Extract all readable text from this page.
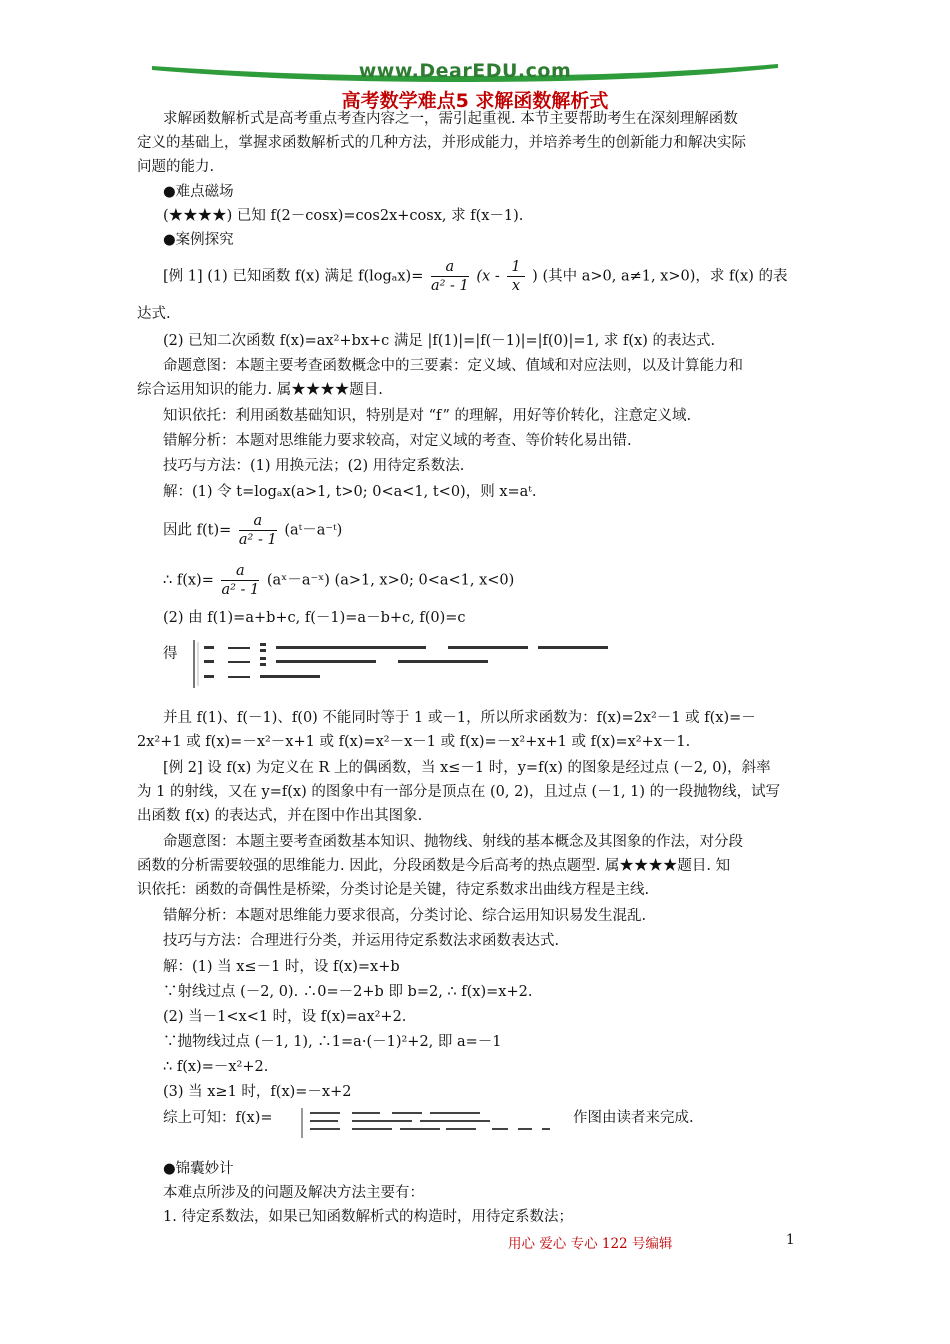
www.DearEDU.com
高考数学难点5 求解函数解析式
求解函数解析式是高考重点考查内容之一，需引起重视. 本节主要帮助考生在深刻理解函数
定义的基础上，掌握求函数解析式的几种方法，并形成能力，并培养考生的创新能力和解决实际
问题的能力.
●难点磁场
(★★★★) 已知 f(2－cosx)=cos2x+cosx, 求 f(x－1).
●案例探究
[例 1] (1) 已知函数 f(x) 满足 $f(\log_ax)= \frac{a}{\text{a² - 1}} (x - \frac{1}{x}$ ) (其中 a>0, a≠1, x>0)，求 f(x) 的表
达式.
(2) 已知二次函数 f(x)=ax²+bx+c 满足 |f(1)|=|f(－1)|=|f(0)|=1, 求 f(x) 的表达式.
命题意图：本题主要考查函数概念中的三要素：定义域、值域和对应法则，以及计算能力和
综合运用知识的能力. 属★★★★题目.
知识依托：利用函数基础知识，特别是对 “f” 的理解，用好等价转化，注意定义域.
错解分析：本题对思维能力要求较高，对定义域的考查、等价转化易出错.
技巧与方法：(1) 用换元法；(2) 用待定系数法.
解：(1) 令 t=logₐx(a>1, t>0; 0<a<1, t<0)，则 x=aᵗ.
因此 $f(t)= \frac{a}{\text{a² - 1}}$ (aᵗ－a⁻ᵗ)
∴ $f(x)= \frac{a}{\text{a² - 1}}$ (aˣ－a⁻ˣ) (a>1, x>0; 0<a<1, x<0)
(2) 由 f(1)=a+b+c, f(－1)=a－b+c, f(0)=c
得
并且 f(1)、f(－1)、f(0) 不能同时等于 1 或－1，所以所求函数为：f(x)=2x²－1 或 f(x)=－
2x²+1 或 f(x)=－x²－x+1 或 f(x)=x²－x－1 或 f(x)=－x²+x+1 或 f(x)=x²+x－1.
[例 2] 设 f(x) 为定义在 R 上的偶函数，当 x≤－1 时，y=f(x) 的图象是经过点 (－2, 0)，斜率
为 1 的射线，又在 y=f(x) 的图象中有一部分是顶点在 (0, 2)，且过点 (－1, 1) 的一段抛物线，试写
出函数 f(x) 的表达式，并在图中作出其图象.
命题意图：本题主要考查函数基本知识、抛物线、射线的基本概念及其图象的作法，对分段
函数的分析需要较强的思维能力. 因此，分段函数是今后高考的热点题型. 属★★★★题目. 知
识依托：函数的奇偶性是桥梁，分类讨论是关键，待定系数求出曲线方程是主线.
错解分析：本题对思维能力要求很高，分类讨论、综合运用知识易发生混乱.
技巧与方法：合理进行分类，并运用待定系数法求函数表达式.
解：(1) 当 x≤－1 时，设 f(x)=x+b
∵射线过点 (－2, 0). ∴0=－2+b 即 b=2, ∴ f(x)=x+2.
(2) 当－1<x<1 时，设 f(x)=ax²+2.
∵抛物线过点 (－1, 1), ∴1=a·(－1)²+2, 即 a=－1
∴ f(x)=－x²+2.
(3) 当 x≥1 时，f(x)=－x+2
综上可知：f(x)=	作图由读者来完成.
●锦囊妙计
本难点所涉及的问题及解决方法主要有：
1. 待定系数法，如果已知函数解析式的构造时，用待定系数法；
用心 爱心 专心 122 号编辑	1
